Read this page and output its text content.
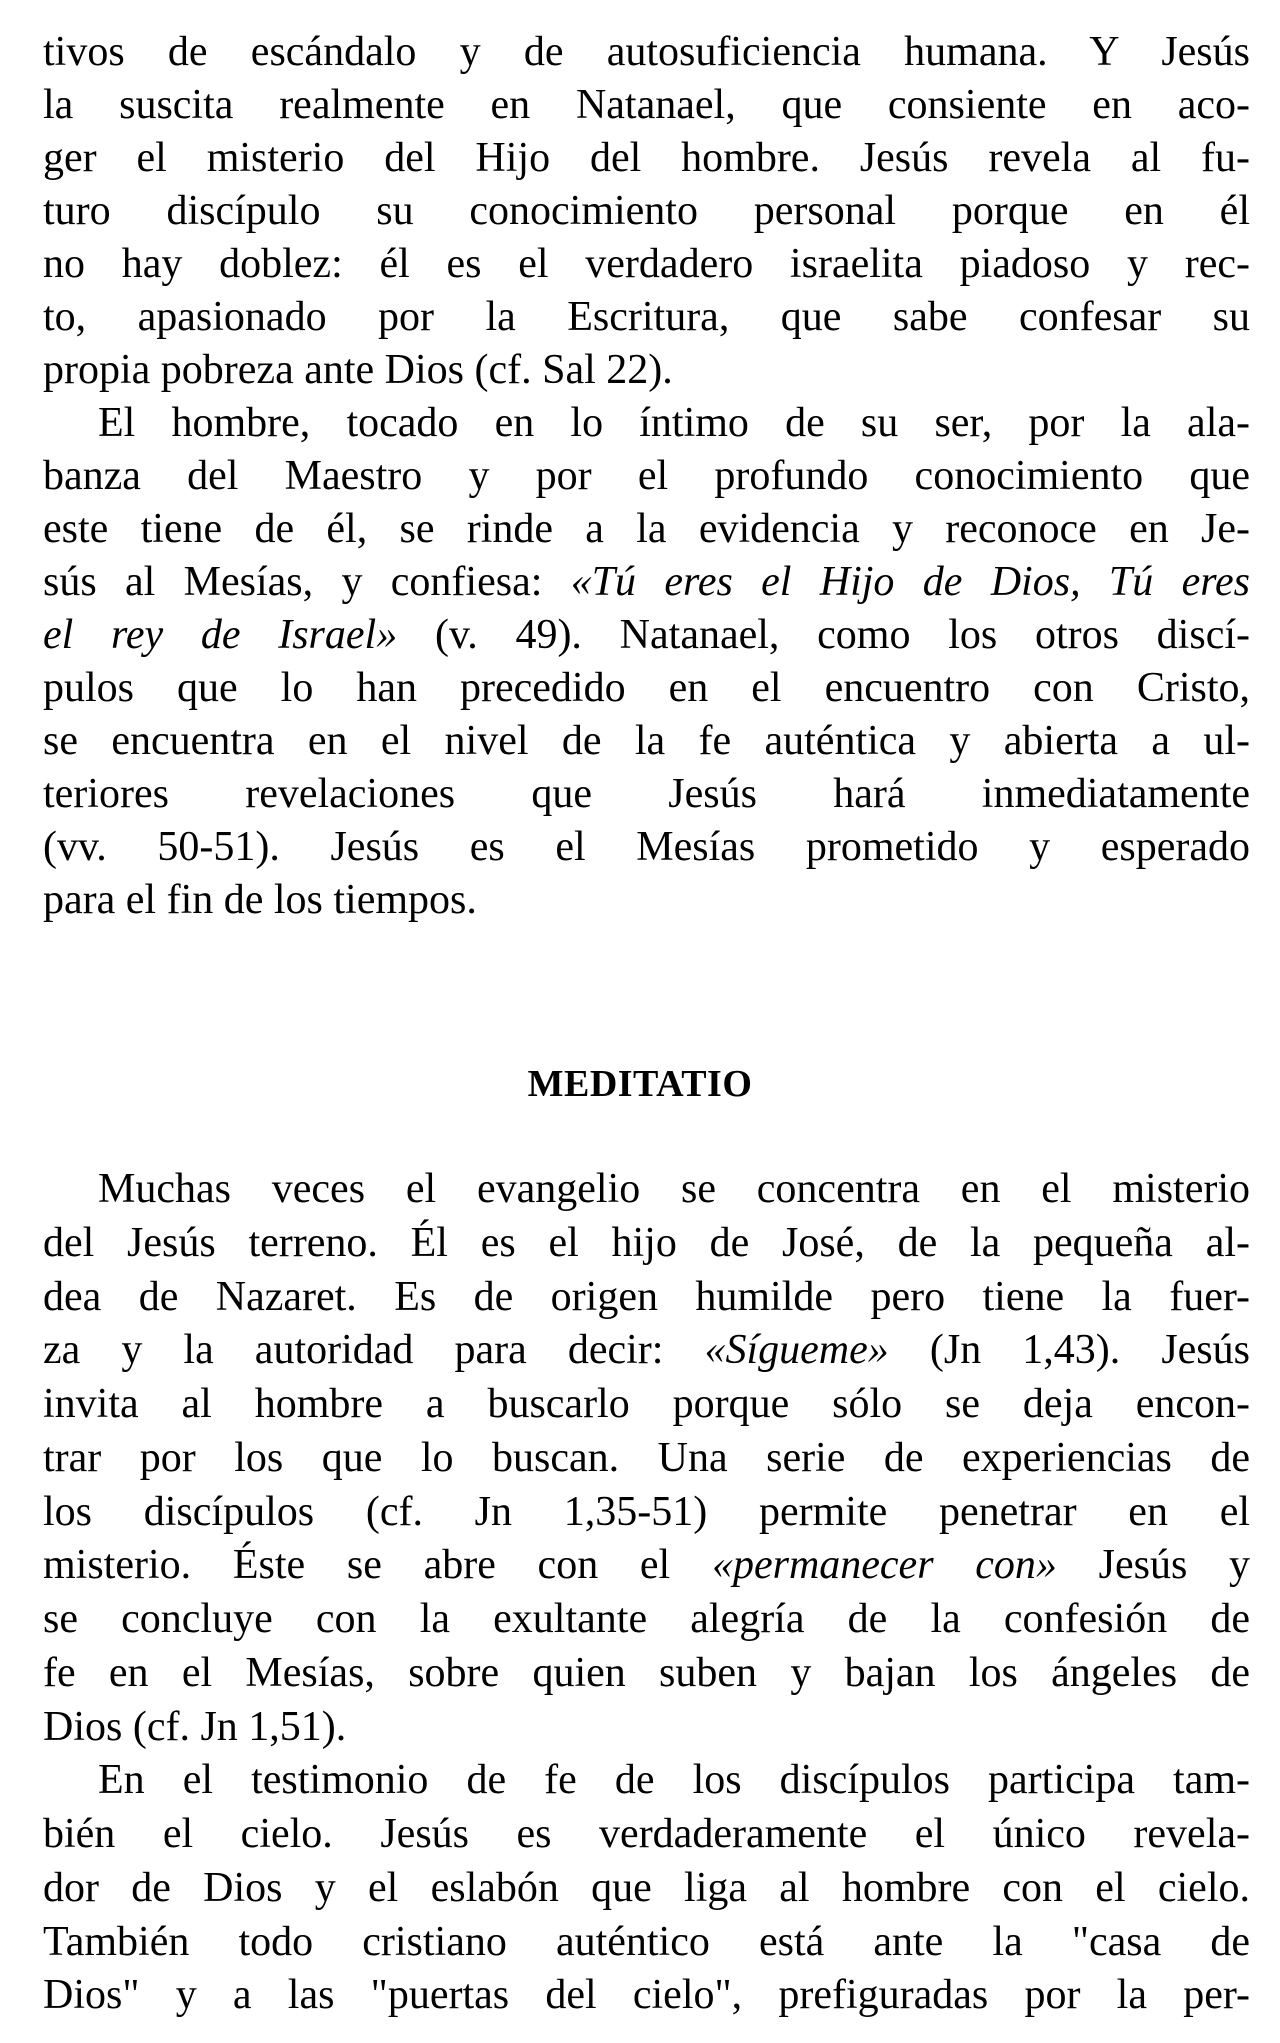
tivos de escándalo y de autosuficiencia humana. Y Jesús
la suscita realmente en Natanael, que consiente en aco-
ger el misterio del Hijo del hombre. Jesús revela al fu-
turo discípulo su conocimiento personal porque en él
no hay doblez: él es el verdadero israelita piadoso y rec-
to, apasionado por la Escritura, que sabe confesar su
propia pobreza ante Dios (cf. Sal 22).
El hombre, tocado en lo íntimo de su ser, por la ala-
banza del Maestro y por el profundo conocimiento que
este tiene de él, se rinde a la evidencia y reconoce en Je-
sús al Mesías, y confiesa: «Tú eres el Hijo de Dios, Tú eres
el rey de Israel» (v. 49). Natanael, como los otros discí-
pulos que lo han precedido en el encuentro con Cristo,
se encuentra en el nivel de la fe auténtica y abierta a ul-
teriores revelaciones que Jesús hará inmediatamente
(vv. 50-51). Jesús es el Mesías prometido y esperado
para el fin de los tiempos.
MEDITATIO
Muchas veces el evangelio se concentra en el misterio
del Jesús terreno. Él es el hijo de José, de la pequeña al-
dea de Nazaret. Es de origen humilde pero tiene la fuer-
za y la autoridad para decir: «Sígueme» (Jn 1,43). Jesús
invita al hombre a buscarlo porque sólo se deja encon-
trar por los que lo buscan. Una serie de experiencias de
los discípulos (cf. Jn 1,35-51) permite penetrar en el
misterio. Éste se abre con el «permanecer con» Jesús y
se concluye con la exultante alegría de la confesión de
fe en el Mesías, sobre quien suben y bajan los ángeles de
Dios (cf. Jn 1,51).
En el testimonio de fe de los discípulos participa tam-
bién el cielo. Jesús es verdaderamente el único revela-
dor de Dios y el eslabón que liga al hombre con el cielo.
También todo cristiano auténtico está ante la "casa de
Dios" y a las "puertas del cielo", prefiguradas por la per-
